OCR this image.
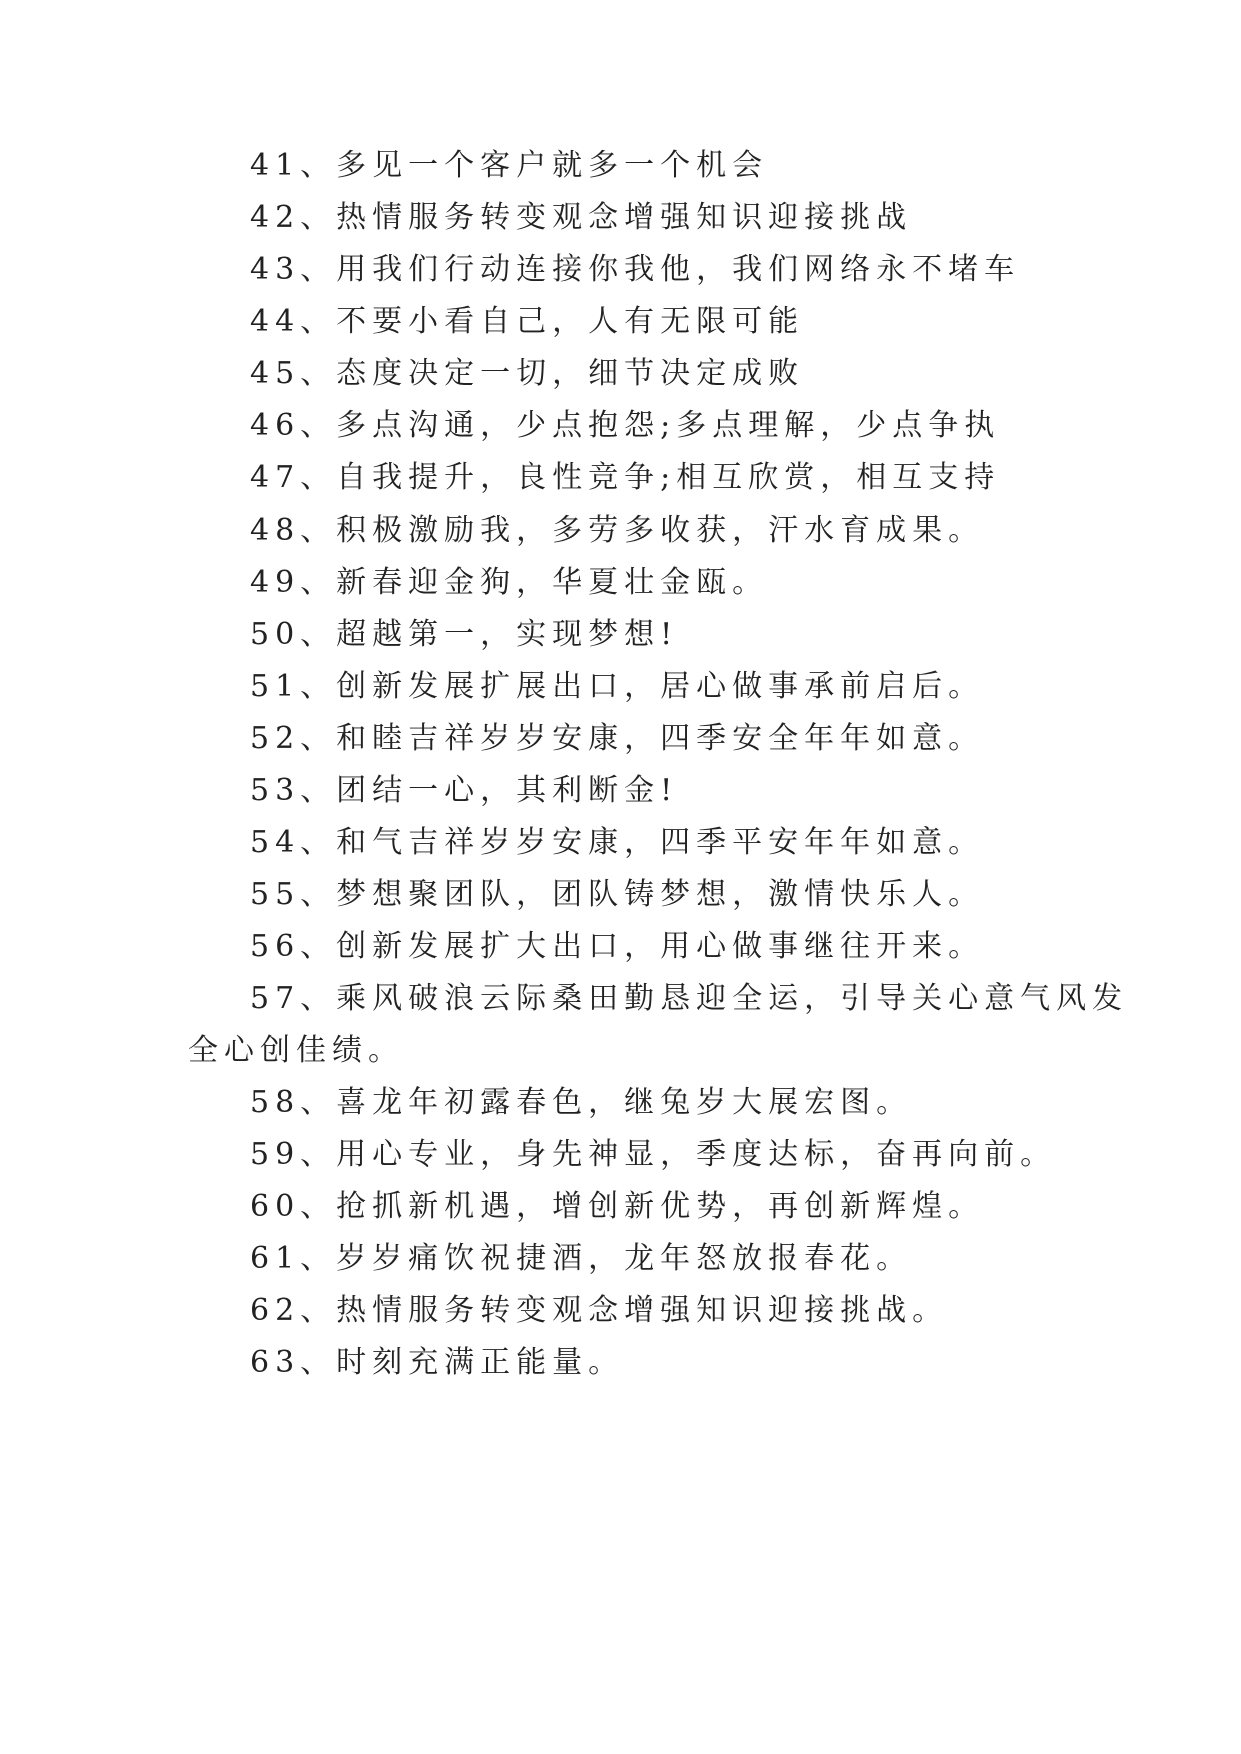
41、多见一个客户就多一个机会
42、热情服务转变观念增强知识迎接挑战
43、用我们行动连接你我他，我们网络永不堵车
44、不要小看自己，人有无限可能
45、态度决定一切，细节决定成败
46、多点沟通，少点抱怨;多点理解，少点争执
47、自我提升，良性竞争;相互欣赏，相互支持
48、积极激励我，多劳多收获，汗水育成果。
49、新春迎金狗，华夏壮金瓯。
50、超越第一，实现梦想!
51、创新发展扩展出口，居心做事承前启后。
52、和睦吉祥岁岁安康，四季安全年年如意。
53、团结一心，其利断金!
54、和气吉祥岁岁安康，四季平安年年如意。
55、梦想聚团队，团队铸梦想，激情快乐人。
56、创新发展扩大出口，用心做事继往开来。
57、乘风破浪云际桑田勤恳迎全运，引导关心意气风发
全心创佳绩。
58、喜龙年初露春色，继兔岁大展宏图。
59、用心专业，身先神显，季度达标，奋再向前。
60、抢抓新机遇，增创新优势，再创新辉煌。
61、岁岁痛饮祝捷酒，龙年怒放报春花。
62、热情服务转变观念增强知识迎接挑战。
63、时刻充满正能量。
